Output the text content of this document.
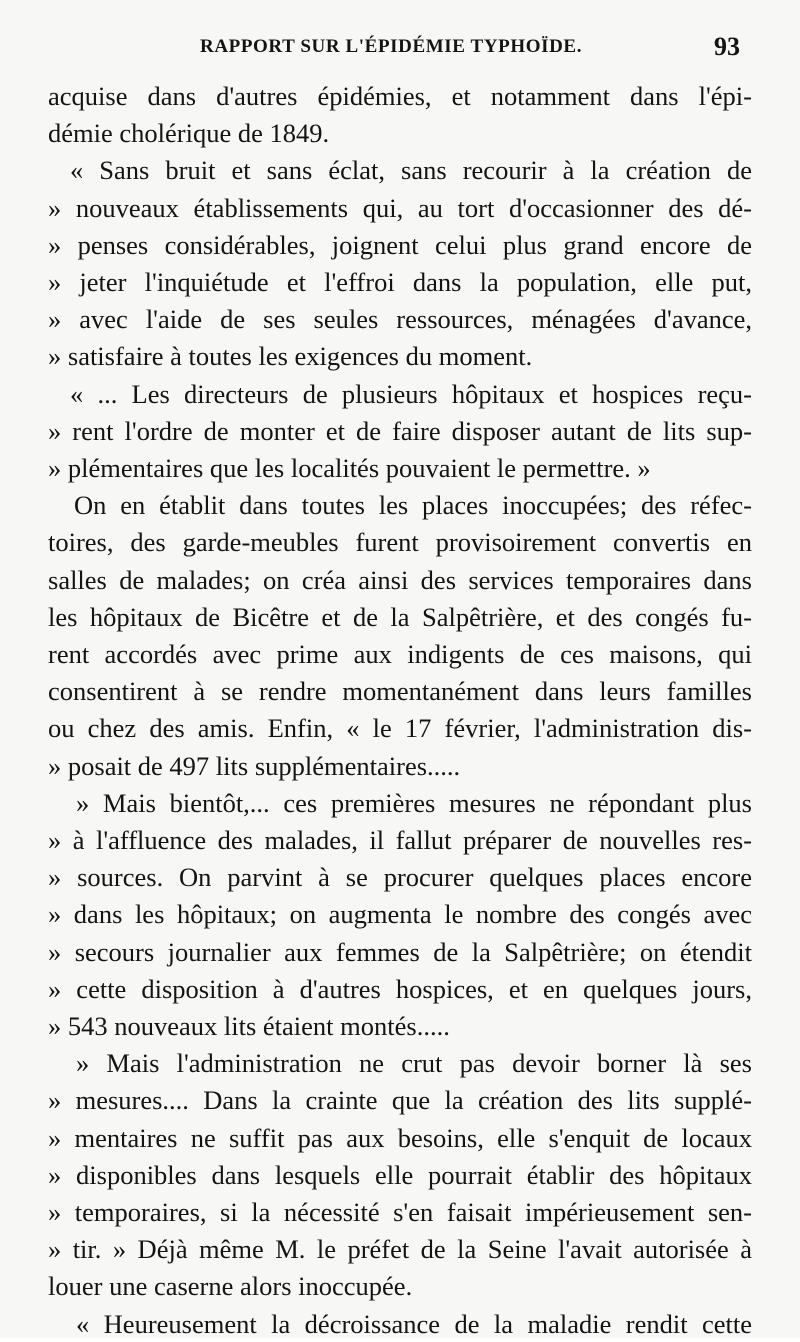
RAPPORT SUR L'ÉPIDÉMIE TYPHOÏDE.	93
acquise dans d'autres épidémies, et notamment dans l'épi-
démie cholérique de 1849.
« Sans bruit et sans éclat, sans recourir à la création de
» nouveaux établissements qui, au tort d'occasionner des dé-
» penses considérables, joignent celui plus grand encore de
» jeter l'inquiétude et l'effroi dans la population, elle put,
» avec l'aide de ses seules ressources, ménagées d'avance,
» satisfaire à toutes les exigences du moment.
« ... Les directeurs de plusieurs hôpitaux et hospices reçu-
» rent l'ordre de monter et de faire disposer autant de lits sup-
» plémentaires que les localités pouvaient le permettre. »
On en établit dans toutes les places inoccupées; des réfec-
toires, des garde-meubles furent provisoirement convertis en
salles de malades; on créa ainsi des services temporaires dans
les hôpitaux de Bicêtre et de la Salpêtrière, et des congés fu-
rent accordés avec prime aux indigents de ces maisons, qui
consentirent à se rendre momentanément dans leurs familles
ou chez des amis. Enfin, « le 17 février, l'administration dis-
» posait de 497 lits supplémentaires.....
» Mais bientôt,... ces premières mesures ne répondant plus
» à l'affluence des malades, il fallut préparer de nouvelles res-
» sources. On parvint à se procurer quelques places encore
» dans les hôpitaux; on augmenta le nombre des congés avec
» secours journalier aux femmes de la Salpêtrière; on étendit
» cette disposition à d'autres hospices, et en quelques jours,
» 543 nouveaux lits étaient montés.....
» Mais l'administration ne crut pas devoir borner là ses
» mesures.... Dans la crainte que la création des lits supplé-
» mentaires ne suffit pas aux besoins, elle s'enquit de locaux
» disponibles dans lesquels elle pourrait établir des hôpitaux
» temporaires, si la nécessité s'en faisait impérieusement sen-
» tir. » Déjà même M. le préfet de la Seine l'avait autorisée à
louer une caserne alors inoccupée.
« Heureusement la décroissance de la maladie rendit cette
